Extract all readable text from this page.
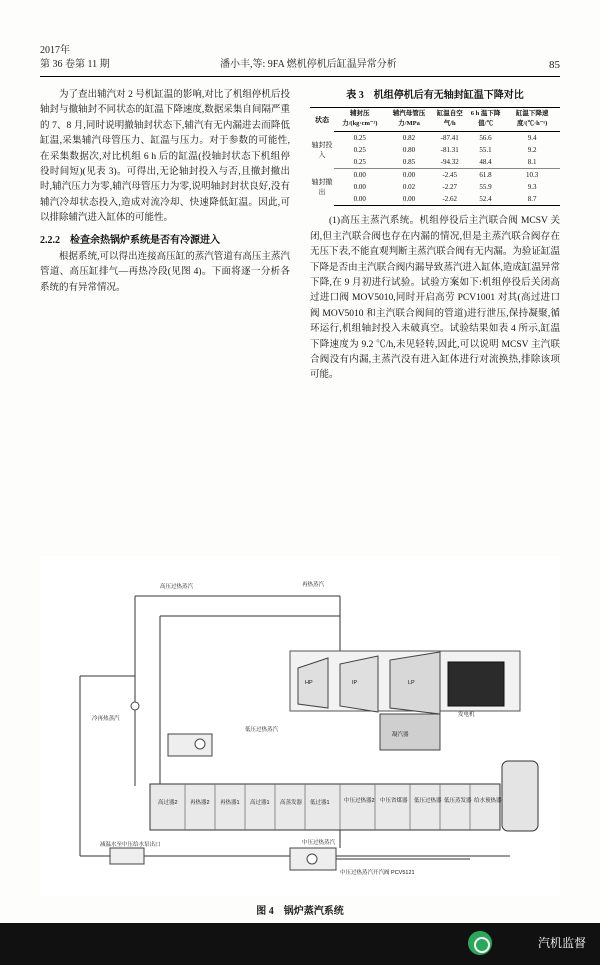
2017年
第 36 卷第 11 期	潘小丰,等: 9FA 燃机停机后缸温异常分析	85

为了查出辅汽对 2 号机缸温的影响,对比了机组停机后投轴封与撤轴封不同状态的缸温下降速度,数据采集自间隔严重的 7、8 月,同时说明撤轴封状态下,辅汽有无内漏进去而降低缸温,采集辅汽母管压力、缸温与压力。对于参数的可能性,在采集数据次,对比机组 6 h 后的缸温(投轴封状态下机组停役时间短)(见表 3)。可得出,无论轴封投入与否,且撤封撤出时,辅汽压力为零,辅汽母管压力为零,说明轴封封状良好,没有辅汽冷却状态投入,造成对流冷却、快速降低缸温。因此,可以排除辅汽进入缸体的可能性。

2.2.2　检查余热锅炉系统是否有冷源进入

根据系统,可以得出连接高压缸的蒸汽管道有高压主蒸汽管道、高压缸排气—再热冷段(见图 4)。下面将逐一分析各系统的有异常情况。

表 3　机组停机后有无轴封缸温下降对比
状态	辅封压力/(kg·cm⁻²)	辅汽母管压力/MPa	缸温自空气/h	6 h 温下降值/℃	缸温下降速度/(℃·h⁻¹)

轴封投入	0.25	0.82	-87.41	56.6	9.4
	0.25	0.80	-81.31	55.1	9.2
	0.25	0.85	-94.32	48.4	8.1
轴封撤出	0.00	0.00	-2.45	61.8	10.3
	0.00	0.02	-2.27	55.9	9.3
	0.00	0.00	-2.62	52.4	8.7

(1)高压主蒸汽系统。机组停役后主汽联合阀 MCSV 关闭,但主汽联合阀也存在内漏的情况,但是主蒸汽联合阀存在无压下表,不能直观判断主蒸汽联合阀有无内漏。为验证缸温下降是否由主汽联合阀内漏导致蒸汽进入缸体,造成缸温异常下降,在 9 月初进行试验。试验方案如下:机组停役后关闭高过进口阀 MOV5010,同时开启高劳 PCV1001 对其(高过进口阀 MOV5010 和主汽联合阀间的管道)进行泄压,保持凝聚,循环运行,机组轴封投入未破真空。试验结果如表 4 所示,缸温下降速度为 9.2 ℃/h,未见轻转,因此,可以说明 MCSV 主汽联合阀没有内漏,主蒸汽没有进入缸体进行对流换热,排除该项可能。

再热蒸汽
高压过热蒸汽
HP	IP	LP
发电机
凝汽器
低压过热蒸汽
冷再热蒸汽
高过器2 再热器2 再热器1 高过器1 高蒸发器 低过器1	中压过热器2 中压省煤器 低压过热器 低压蒸发器 给水预热器
中压过热蒸汽
减温水至中压给水泵出口
中压过热蒸汽开汽阀 PCV5121
图 4　锅炉蒸汽系统
汽机监督
